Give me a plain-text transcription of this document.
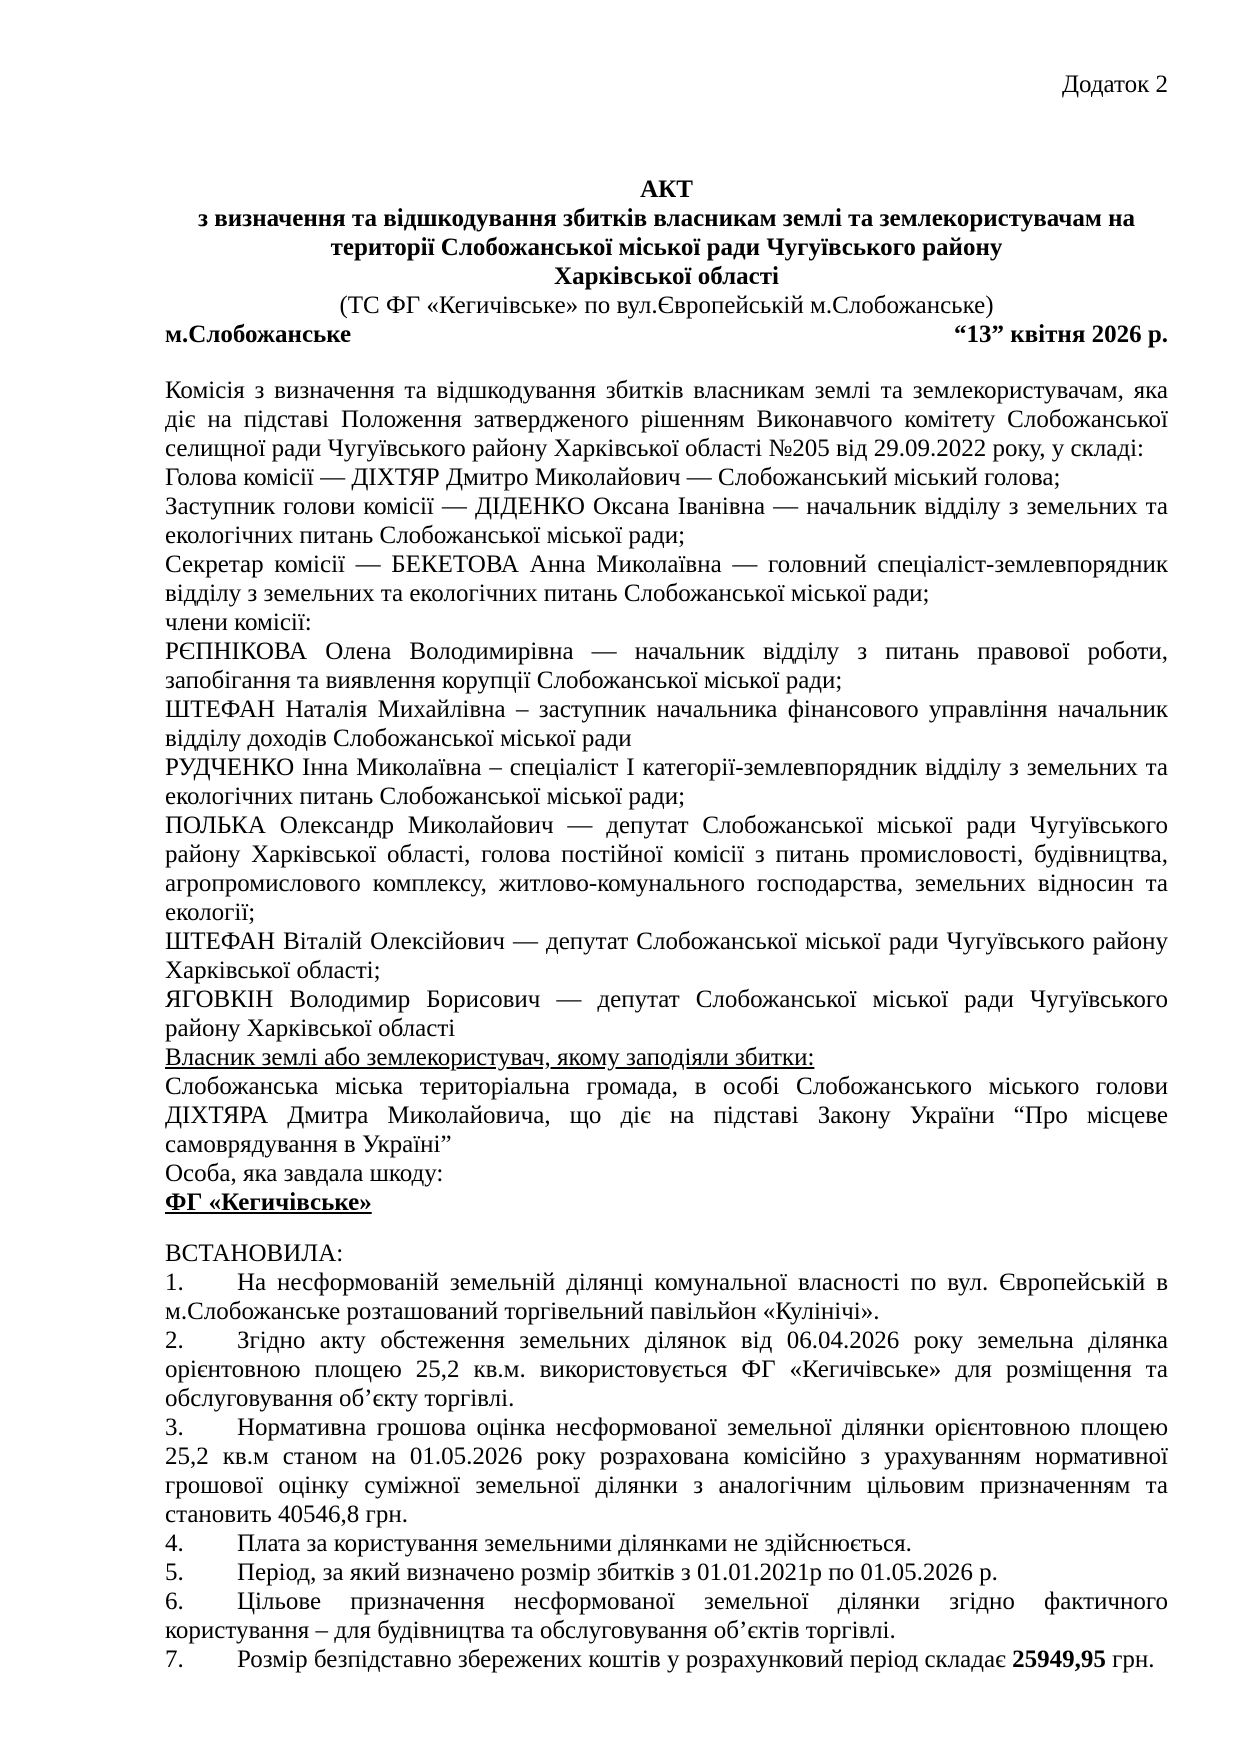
Додаток 2
АКТ
з визначення та відшкодування збитків власникам землі та землекористувачам на
території Слобожанської міської ради Чугуївського району
Харківської області
(ТС ФГ «Кегичівське» по вул.Європейській м.Слобожанське)
м.Слобожанське	“13” квітня 2026 р.

Комісія з визначення та відшкодування збитків власникам землі та землекористувачам, яка діє на підставі Положення затвердженого рішенням Виконавчого комітету Слобожанської селищної ради Чугуївського району Харківської області №205 від 29.09.2022 року, у складі:

Голова комісії — ДІХТЯР Дмитро Миколайович — Слобожанський міський голова;

Заступник голови комісії — ДІДЕНКО Оксана Іванівна — начальник відділу з земельних та екологічних питань Слобожанської міської ради;

Секретар комісії — БЕКЕТОВА Анна Миколаївна — головний спеціаліст-землевпорядник відділу з земельних та екологічних питань Слобожанської міської ради;

члени комісії:

РЄПНІКОВА Олена Володимирівна — начальник відділу з питань правової роботи, запобігання та виявлення корупції Слобожанської міської ради;

ШТЕФАН Наталія Михайлівна – заступник начальника фінансового управління начальник відділу доходів Слобожанської міської ради

РУДЧЕНКО Інна Миколаївна – спеціаліст І категорії-землевпорядник відділу з земельних та екологічних питань Слобожанської міської ради;

ПОЛЬКА Олександр Миколайович — депутат Слобожанської міської ради Чугуївського району Харківської області, голова постійної комісії з питань промисловості, будівництва, агропромислового комплексу, житлово-комунального господарства, земельних відносин та екології;

ШТЕФАН Віталій Олексійович — депутат Слобожанської міської ради Чугуївського району Харківської області;

ЯГОВКІН Володимир Борисович — депутат Слобожанської міської ради Чугуївського району Харківської області

Власник землі або землекористувач, якому заподіяли збитки:

Слобожанська міська територіальна громада, в особі Слобожанського міського голови ДІХТЯРА Дмитра Миколайовича, що діє на підставі Закону України “Про місцеве самоврядування в Україні”

Особа, яка завдала шкоду:

ФГ «Кегичівське»

ВСТАНОВИЛА:

1. На несформованій земельній ділянці комунальної власності по вул. Європейській в м.Слобожанське розташований торгівельний павільйон «Кулінічі».

2. Згідно акту обстеження земельних ділянок від 06.04.2026 року земельна ділянка орієнтовною площею 25,2 кв.м. використовується ФГ «Кегичівське» для розміщення та обслуговування об’єкту торгівлі.

3. Нормативна грошова оцінка несформованої земельної ділянки орієнтовною площею 25,2 кв.м станом на 01.05.2026 року розрахована комісійно з урахуванням нормативної грошової оцінку суміжної земельної ділянки з аналогічним цільовим призначенням та становить 40546,8 грн.

4. Плата за користування земельними ділянками не здійснюється.

5. Період, за який визначено розмір збитків з 01.01.2021р по 01.05.2026 р.

6. Цільове призначення несформованої земельної ділянки згідно фактичного користування – для будівництва та обслуговування об’єктів торгівлі.

7. Розмір безпідставно збережених коштів у розрахунковий період складає 25949,95 грн.
